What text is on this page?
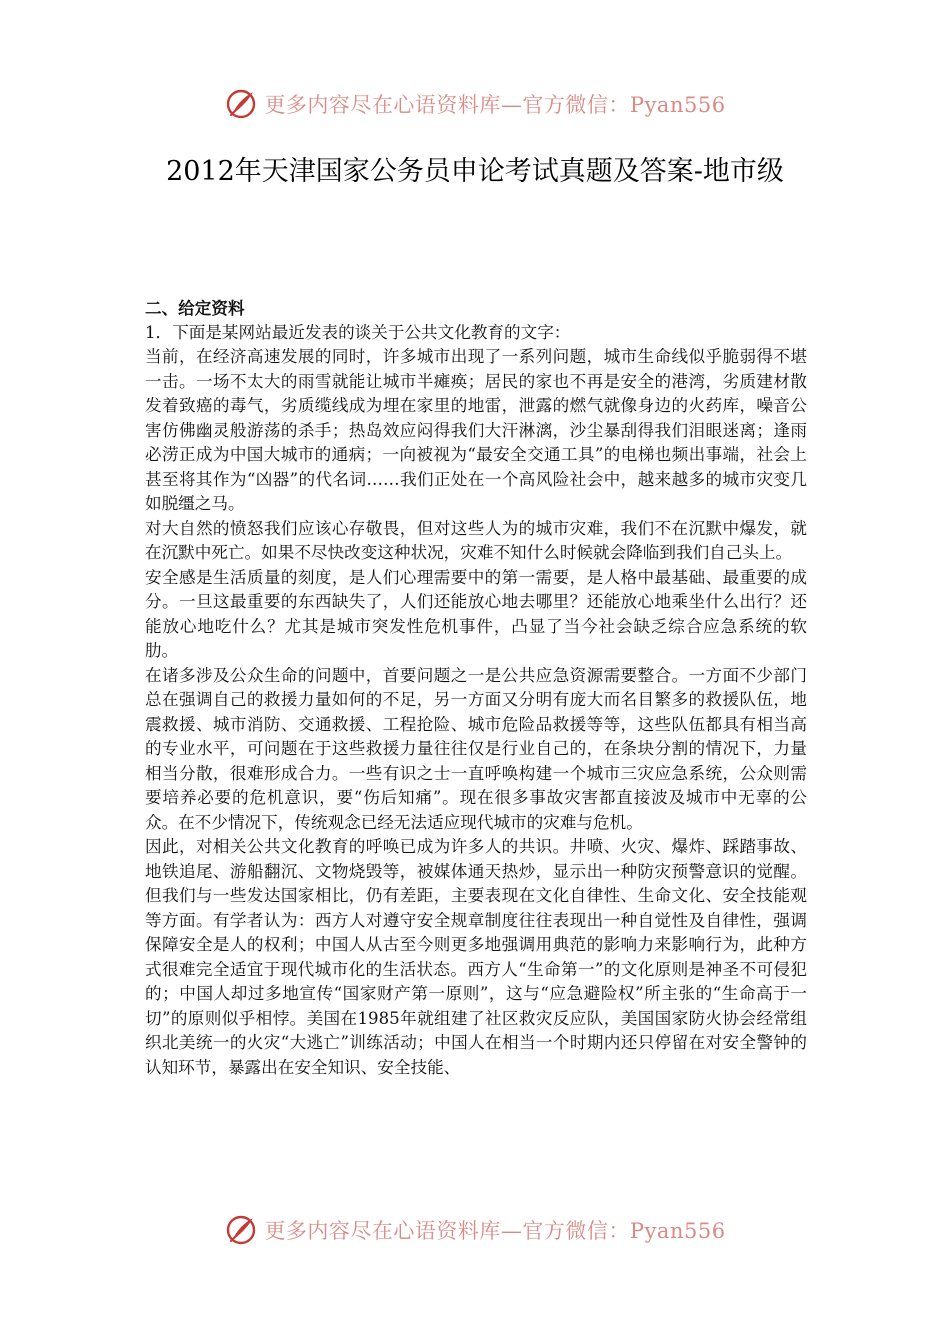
更多内容尽在心语资料库—官方微信：Pyan556
2012年天津国家公务员申论考试真题及答案-地市级

二、给定资料

1．下面是某网站最近发表的谈关于公共文化教育的文字：

当前，在经济高速发展的同时，许多城市出现了一系列问题，城市生命线似乎脆弱得不堪一击。一场不太大的雨雪就能让城市半瘫痪；居民的家也不再是安全的港湾，劣质建材散发着致癌的毒气，劣质缆线成为埋在家里的地雷，泄露的燃气就像身边的火药库，噪音公害仿佛幽灵般游荡的杀手；热岛效应闷得我们大汗淋漓，沙尘暴刮得我们泪眼迷离；逢雨必涝正成为中国大城市的通病；一向被视为“最安全交通工具”的电梯也频出事端，社会上甚至将其作为“凶器”的代名词……我们正处在一个高风险社会中，越来越多的城市灾变几如脱缰之马。

对大自然的愤怒我们应该心存敬畏，但对这些人为的城市灾难，我们不在沉默中爆发，就在沉默中死亡。如果不尽快改变这种状况，灾难不知什么时候就会降临到我们自己头上。

安全感是生活质量的刻度，是人们心理需要中的第一需要，是人格中最基础、最重要的成分。一旦这最重要的东西缺失了，人们还能放心地去哪里？还能放心地乘坐什么出行？还能放心地吃什么？尤其是城市突发性危机事件，凸显了当今社会缺乏综合应急系统的软肋。

在诸多涉及公众生命的问题中，首要问题之一是公共应急资源需要整合。一方面不少部门总在强调自己的救援力量如何的不足，另一方面又分明有庞大而名目繁多的救援队伍，地震救援、城市消防、交通救援、工程抢险、城市危险品救援等等，这些队伍都具有相当高的专业水平，可问题在于这些救援力量往往仅是行业自己的，在条块分割的情况下，力量相当分散，很难形成合力。一些有识之士一直呼唤构建一个城市三灾应急系统，公众则需要培养必要的危机意识，要“伤后知痛”。现在很多事故灾害都直接波及城市中无辜的公众。在不少情况下，传统观念已经无法适应现代城市的灾难与危机。

因此，对相关公共文化教育的呼唤已成为许多人的共识。井喷、火灾、爆炸、踩踏事故、地铁追尾、游船翻沉、文物烧毁等，被媒体通天热炒，显示出一种防灾预警意识的觉醒。但我们与一些发达国家相比，仍有差距，主要表现在文化自律性、生命文化、安全技能观等方面。有学者认为：西方人对遵守安全规章制度往往表现出一种自觉性及自律性，强调保障安全是人的权利；中国人从古至今则更多地强调用典范的影响力来影响行为，此种方式很难完全适宜于现代城市化的生活状态。西方人“生命第一”的文化原则是神圣不可侵犯的；中国人却过多地宣传“国家财产第一原则”，这与“应急避险权”所主张的“生命高于一切”的原则似乎相悖。美国在1985年就组建了社区救灾反应队，美国国家防火协会经常组织北美统一的火灾“大逃亡”训练活动；中国人在相当一个时期内还只停留在对安全警钟的认知环节，暴露出在安全知识、安全技能、

更多内容尽在心语资料库—官方微信：Pyan556
